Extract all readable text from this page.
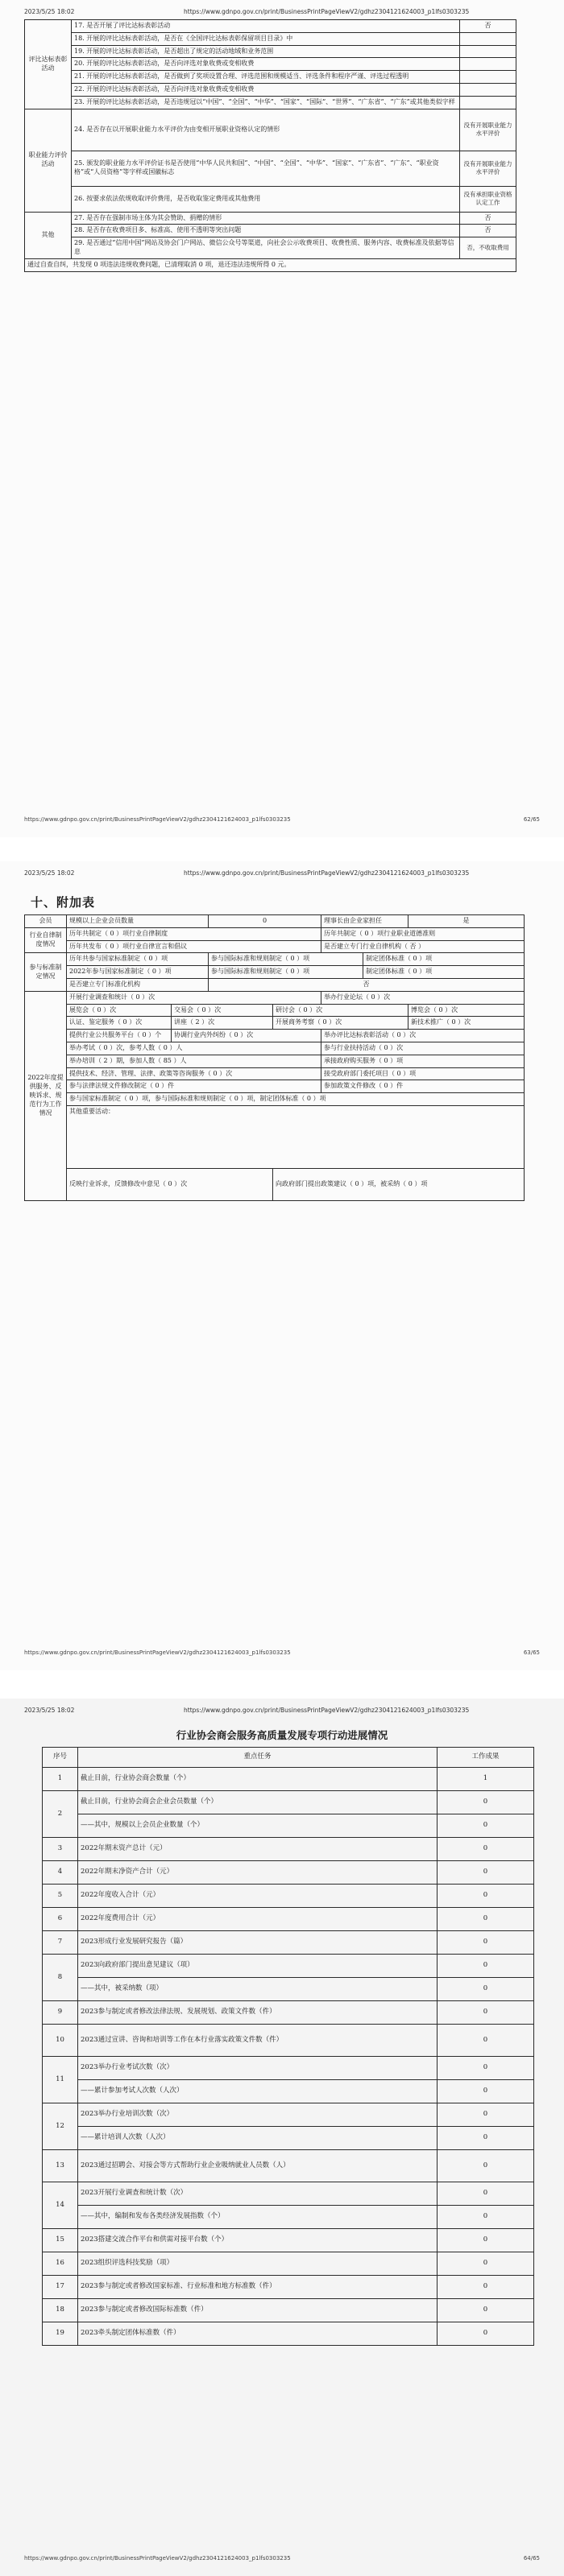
2023/5/25 18:02	https://www.gdnpo.gov.cn/print/BusinessPrintPageViewV2/gdhz23041216240​03_p1lfs0303235
评比达标表彰活动	17. 是否开展了评比达标表彰活动	否
	18. 开展的评比达标表彰活动，是否在《全国评比达标表彰保留项目目录》中	
	19. 开展的评比达标表彰活动，是否超出了规定的活动地域和业务范围	
	20. 开展的评比达标表彰活动，是否向评选对象收费或变相收费	
	21. 开展的评比达标表彰活动，是否做到了奖项设置合理、评选范围和规模适当、评选条件和程序严谨、评选过程透明	
	22. 开展的评比达标表彰活动，是否向评选对象收费或变相收费	
	23. 开展的评比达标表彰活动，是否违规冠以“中国”、“全国”、“中华”、“国家”、“国际”、“世界”、“广东省”、“广东”或其他类似字样	
职业能力评价活动	24. 是否存在以开展职业能力水平评价为由变相开展职业资格认定的情形	没有开展职业能力水平评价
	25. 颁发的职业能力水平评价证书是否使用“中华人民共和国”、“中国”、“全国”、“中华”、“国家”、“广东省”、“广东”、“职业资格”或“人员资格”等字样或国徽标志	没有开展职业能力水平评价
	26. 按要求依法依规收取评价费用，是否收取鉴定费用或其他费用	没有承担职业资格认定工作
其他	27. 是否存在强制市场主体为其会赞助、捐赠的情形	否
	28. 是否存在收费项目多、标准高、使用不透明等突出问题	否
	29. 是否通过“信用中国”网站及协会门户网站、微信公众号等渠道，向社会公示收费项目、收费性质、服务内容、收费标准及依据等信息	否，不收取费用
通过自查自纠，共发现 0 项违法违规收费问题，已清理取消 0 项，退还违法违规所得 0 元。		
https://www.gdnpo.gov.cn/print/BusinessPrintPageViewV2/gdhz23041216240​03_p1lfs0303235	62/65
2023/5/25 18:02	https://www.gdnpo.gov.cn/print/BusinessPrintPageViewV2/gdhz23041216240​03_p1lfs0303235
十、附加表
会员	规模以上企业会员数量		0		理事长由企业家担任		是
行业自律制度情况	历年共制定（ 0 ）项行业自律制度				历年共制定（ 0 ）项行业职业道德准则		
	历年共发布（ 0 ）项行业自律宣言和倡议				是否建立专门行业自律机构（ 否 ）		
参与标准制定情况	历年共参与国家标准制定（ 0 ）项		参与国际标准和规则制定（ 0 ）项			制定团体标准（ 0 ）项	
	2022年参与国家标准制定（ 0 ）项		参与国际标准和规则制定（ 0 ）项			制定团体标准（ 0 ）项	
	是否建立专门标准化机构		否				
2022年度提供服务、反映诉求、规范行为工作情况	开展行业调查和统计（ 0 ）次				举办行业论坛（ 0 ）次		
	展览会（ 0 ）次	交易会（ 0 ）次		研讨会（ 0 ）次			博览会（ 0 ）次
	认证、鉴定服务（ 0 ）次	讲座（ 2 ）次		开展商务考察（ 0 ）次			新技术推广（ 0 ）次
	提供行业公共服务平台（ 0 ）个	协调行业内外纠纷（ 0 ）次			举办评比达标表彰活动（ 0 ）次		
	举办考试（ 0 ）次，参考人数（ 0 ）人				参与行业扶持活动（ 0 ）次		
	举办培训（ 2 ）期，参加人数（ 85 ）人				承接政府购买服务（ 0 ）项		
	提供技术、经济、管理、法律、政策等咨询服务（ 0 ）次				接受政府部门委托项目（ 0 ）项		
	参与法律法规文件修改制定（ 0 ）件				参加政策文件修改（ 0 ）件		
	参与国家标准制定（ 0 ）项，参与国际标准和规则制定（ 0 ）项，制定团体标准（ 0 ）项						
	其他重要活动：						
	反映行业诉求，反馈修改中意见（ 0 ）次			向政府部门提出政策建议（ 0 ）项，被采纳（ 0 ）项			
https://www.gdnpo.gov.cn/print/BusinessPrintPageViewV2/gdhz23041216240​03_p1lfs0303235	63/65
2023/5/25 18:02	https://www.gdnpo.gov.cn/print/BusinessPrintPageViewV2/gdhz23041216240​03_p1lfs0303235
行业协会商会服务高质量发展专项行动进展情况
序号	重点任务	工作成果
1	截止目前，行业协会商会数量（个）	1
2	截止目前，行业协会商会企业会员数量（个）	0
	——其中，规模以上会员企业数量（个）	0
3	2022年期末资产总计（元）	0
4	2022年期末净资产合计（元）	0
5	2022年度收入合计（元）	0
6	2022年度费用合计（元）	0
7	2023形成行业发展研究报告（篇）	0
8	2023向政府部门提出意见建议（项）	0
	——其中，被采纳数（项）	0
9	2023参与制定或者修改法律法规、发展规划、政策文件数（件）	0
10	2023通过宣讲、咨询和培训等工作在本行业落实政策文件数（件）	0
11	2023举办行业考试次数（次）	0
	——累计参加考试人次数（人次）	0
12	2023举办行业培训次数（次）	0
	——累计培训人次数（人次）	0
13	2023通过招聘会、对接会等方式帮助行业企业吸纳就业人员数（人）	0
14	2023开展行业调查和统计数（次）	0
	——其中，编制和发布各类经济发展指数（个）	0
15	2023搭建交流合作平台和供需对接平台数（个）	0
16	2023组织评选科技奖励（项）	0
17	2023参与制定或者修改国家标准、行业标准和地方标准数（件）	0
18	2023参与制定或者修改国际标准数（件）	0
19	2023牵头制定团体标准数（件）	0
https://www.gdnpo.gov.cn/print/BusinessPrintPageViewV2/gdhz23041216240​03_p1lfs0303235	64/65
